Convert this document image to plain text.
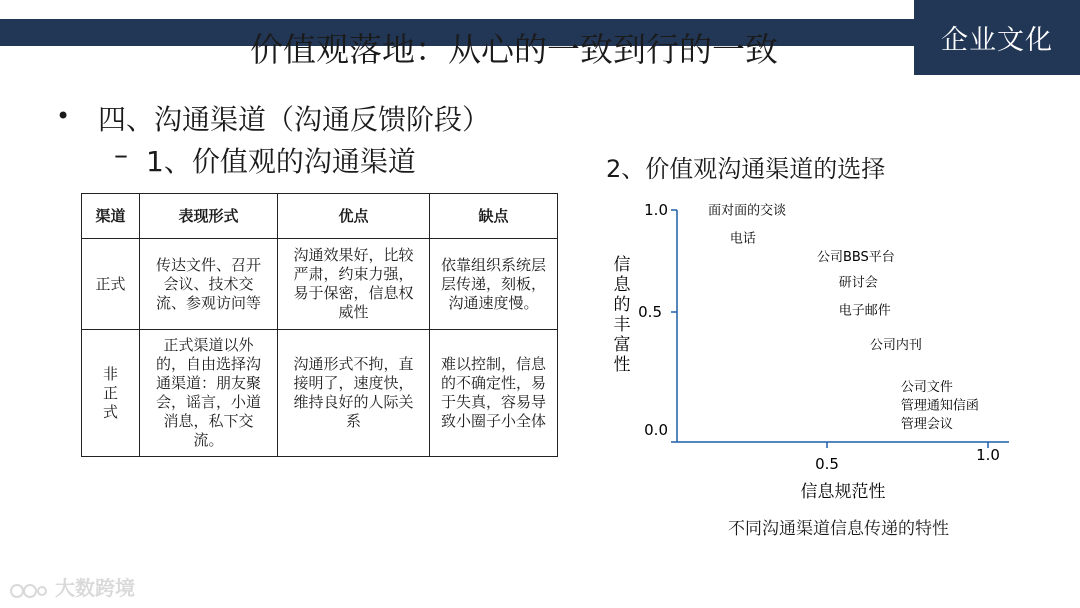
企业文化
价值观落地：从心的一致到行的一致
• 四、沟通渠道（沟通反馈阶段）
– 1、价值观的沟通渠道	2、价值观沟通渠道的选择
渠道	表现形式	优点	缺点
正式	传达文件、召开会议、技术交流、参观访问等	沟通效果好，比较严肃，约束力强，易于保密，信息权威性	依靠组织系统层层传递，刻板，沟通速度慢。
非正式	正式渠道以外的，自由选择沟通渠道：朋友聚会，谣言，小道消息，私下交流。	沟通形式不拘，直接明了，速度快，维持良好的人际关系	难以控制，信息的不确定性，易于失真，容易导致小圈子小全体
1.0
0.5
0.0
0.5	1.0
信息规范性
信息的丰富性
面对面的交谈
电话
公司BBS平台
研讨会
电子邮件
公司内刊
公司文件
管理通知信函
管理会议
不同沟通渠道信息传递的特性
大数跨境
